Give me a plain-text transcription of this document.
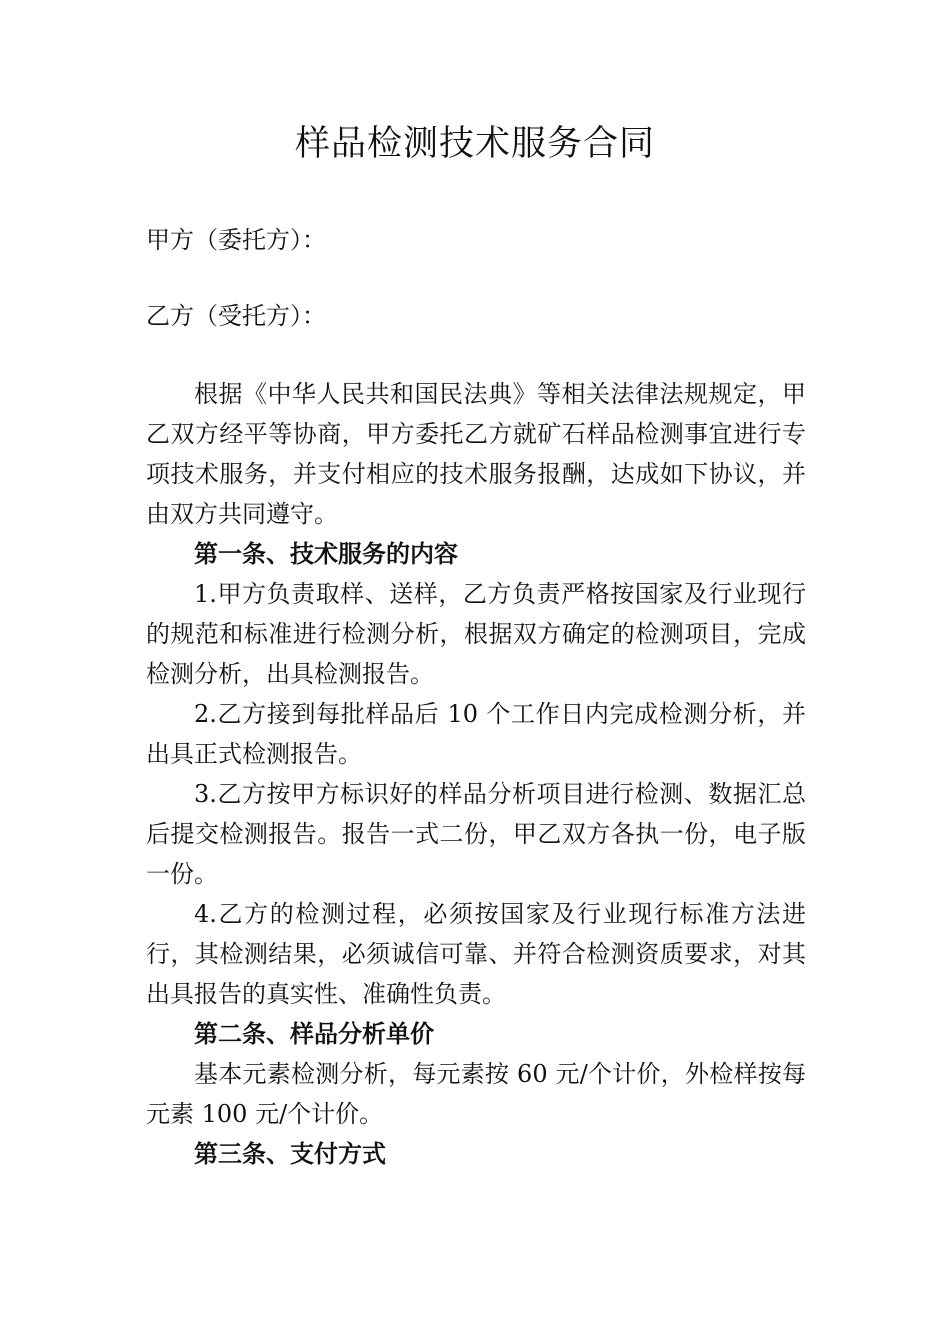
样品检测技术服务合同
甲方（委托方）：
乙方（受托方）：

根据《中华人民共和国民法典》等相关法律法规规定，甲乙双方经平等协商，甲方委托乙方就矿石样品检测事宜进行专项技术服务，并支付相应的技术服务报酬，达成如下协议，并由双方共同遵守。

第一条、技术服务的内容

1.甲方负责取样、送样，乙方负责严格按国家及行业现行的规范和标准进行检测分析，根据双方确定的检测项目，完成检测分析，出具检测报告。

2.乙方接到每批样品后 10 个工作日内完成检测分析，并出具正式检测报告。

3.乙方按甲方标识好的样品分析项目进行检测、数据汇总后提交检测报告。报告一式二份，甲乙双方各执一份，电子版一份。

4.乙方的检测过程，必须按国家及行业现行标准方法进行，其检测结果，必须诚信可靠、并符合检测资质要求，对其出具报告的真实性、准确性负责。

第二条、样品分析单价

基本元素检测分析，每元素按 60 元/个计价，外检样按每元素 100 元/个计价。

第三条、支付方式
